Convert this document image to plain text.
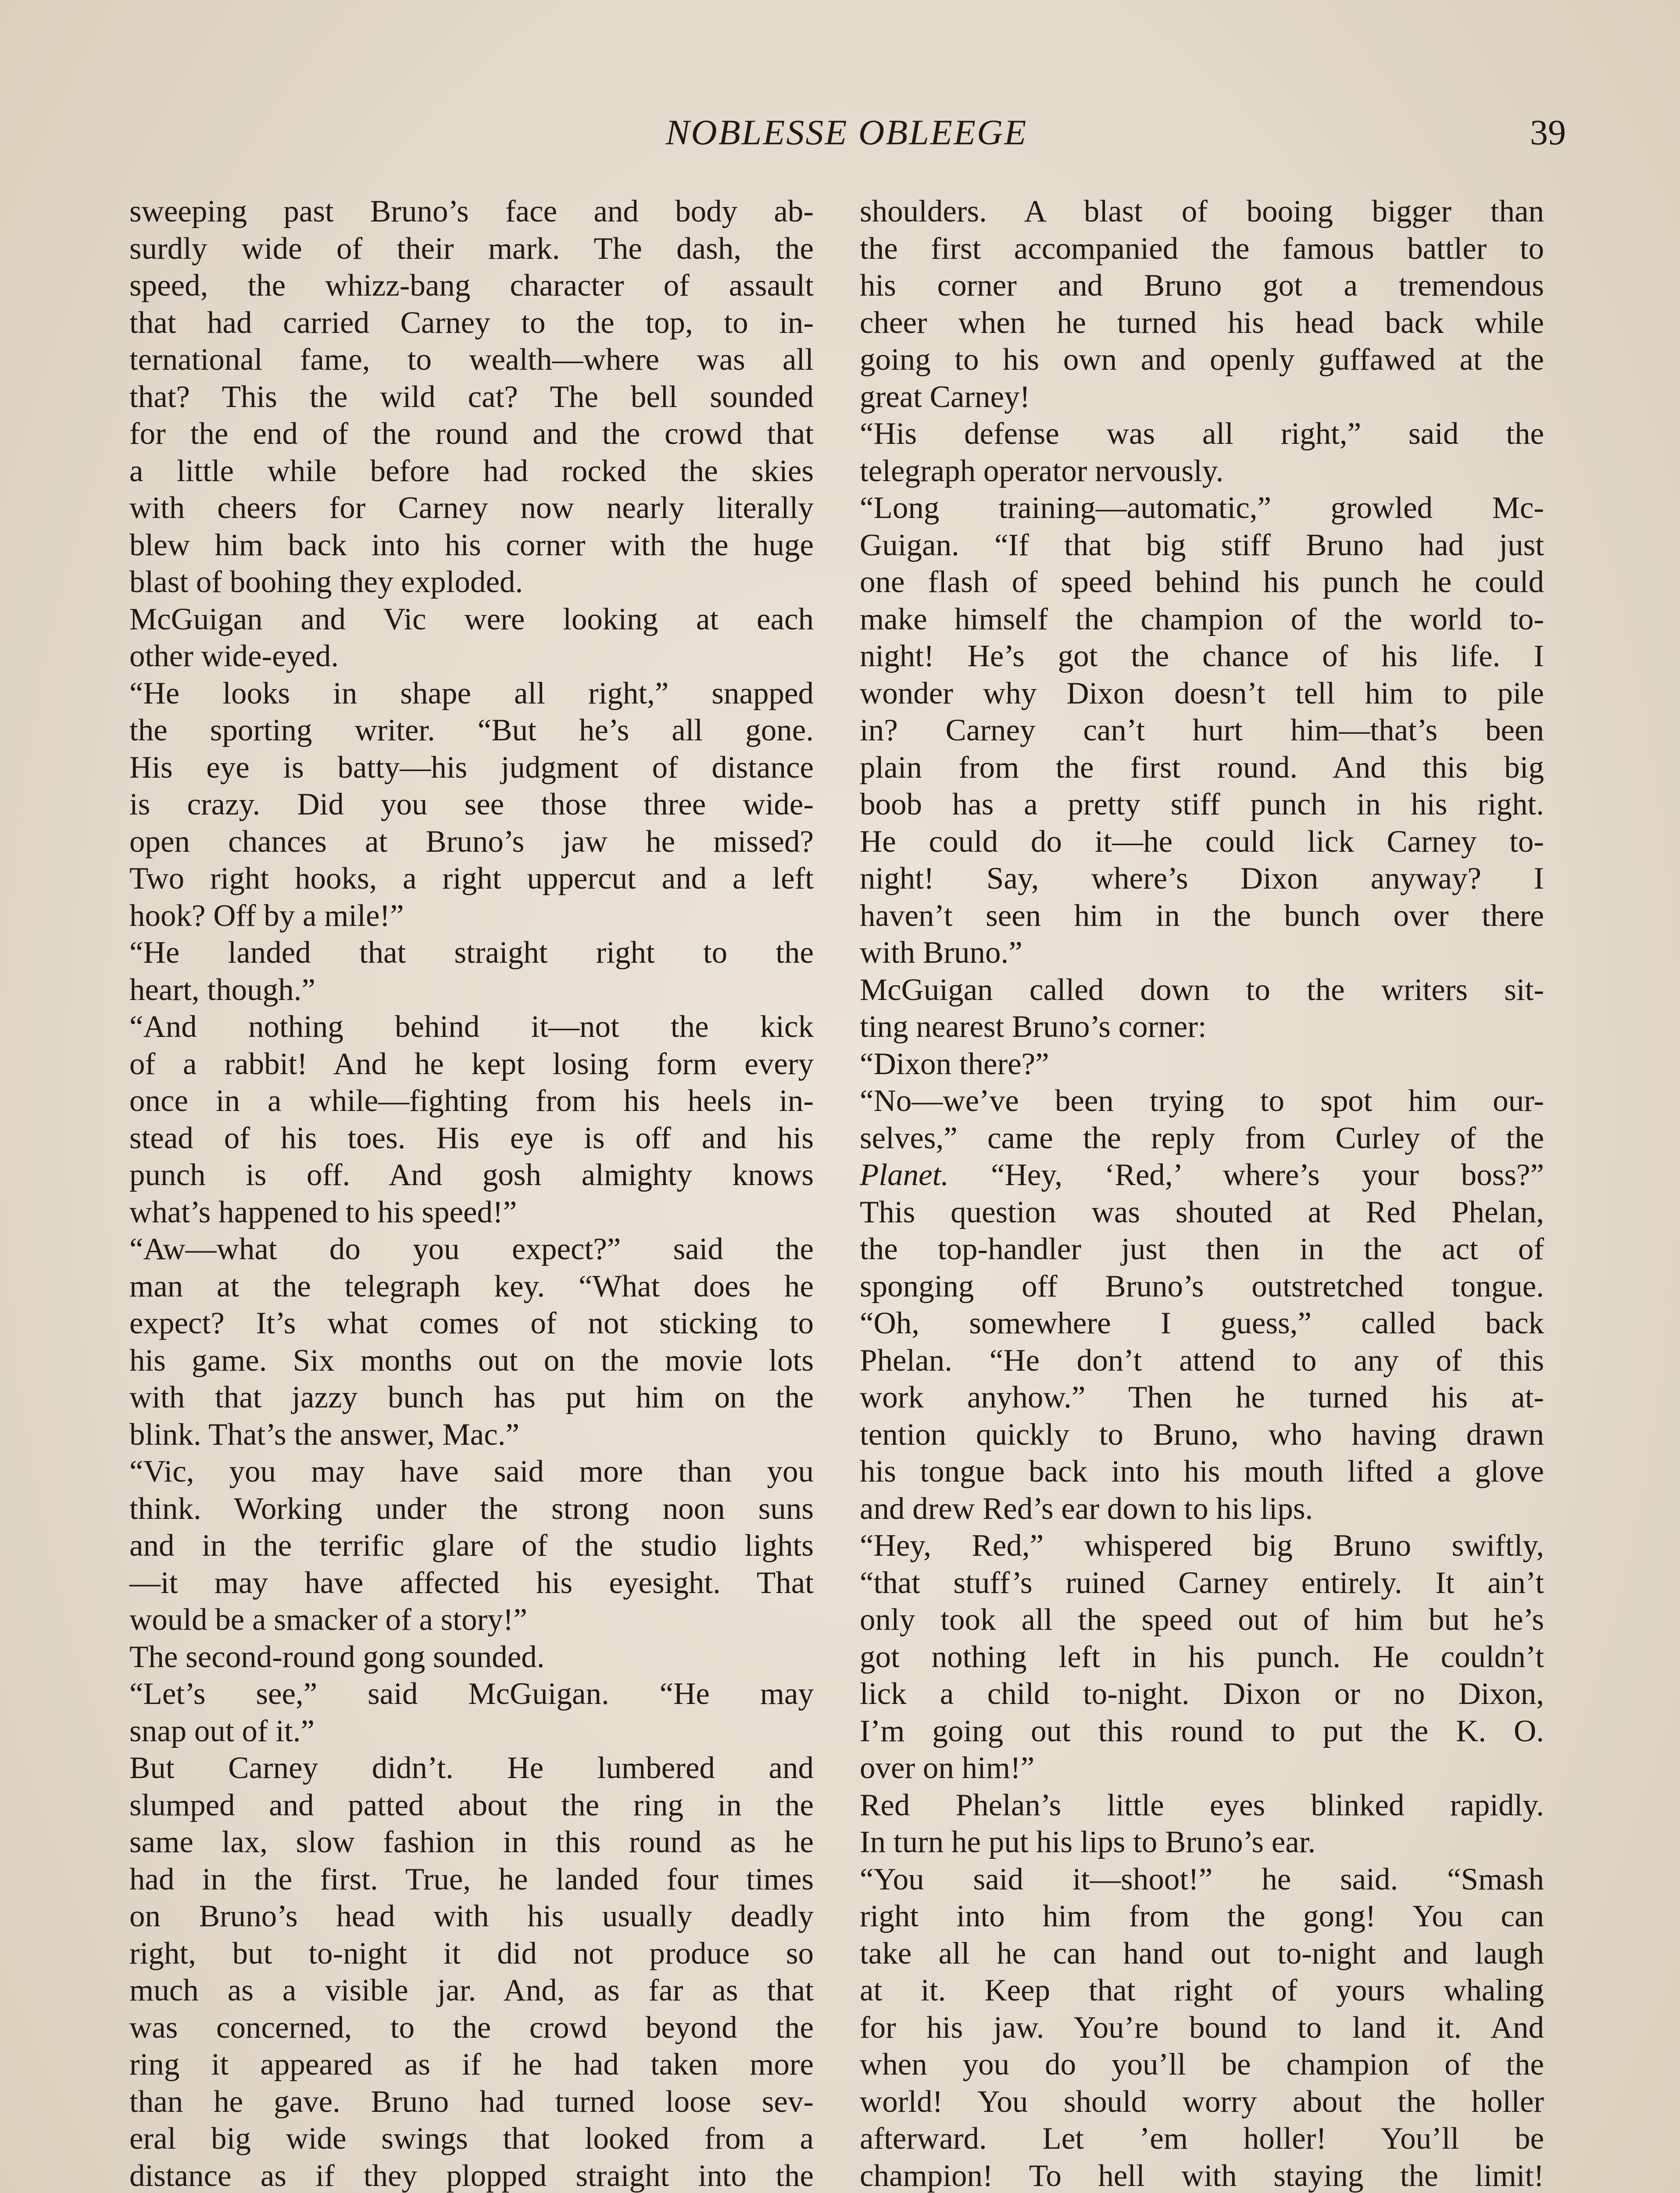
NOBLESSE OBLEEGE	39
sweeping past Bruno’s face and body ab-
surdly wide of their mark. The dash, the
speed, the whizz-bang character of assault
that had carried Carney to the top, to in-
ternational fame, to wealth—where was all
that? This the wild cat? The bell sounded
for the end of the round and the crowd that
a little while before had rocked the skies
with cheers for Carney now nearly literally
blew him back into his corner with the huge
blast of boohing they exploded.
McGuigan and Vic were looking at each
other wide-eyed.
“He looks in shape all right,” snapped
the sporting writer. “But he’s all gone.
His eye is batty—his judgment of distance
is crazy. Did you see those three wide-
open chances at Bruno’s jaw he missed?
Two right hooks, a right uppercut and a left
hook? Off by a mile!”
“He landed that straight right to the
heart, though.”
“And nothing behind it—not the kick
of a rabbit! And he kept losing form every
once in a while—fighting from his heels in-
stead of his toes. His eye is off and his
punch is off. And gosh almighty knows
what’s happened to his speed!”
“Aw—what do you expect?” said the
man at the telegraph key. “What does he
expect? It’s what comes of not sticking to
his game. Six months out on the movie lots
with that jazzy bunch has put him on the
blink. That’s the answer, Mac.”
“Vic, you may have said more than you
think. Working under the strong noon suns
and in the terrific glare of the studio lights
—it may have affected his eyesight. That
would be a smacker of a story!”
The second-round gong sounded.
“Let’s see,” said McGuigan. “He may
snap out of it.”
But Carney didn’t. He lumbered and
slumped and patted about the ring in the
same lax, slow fashion in this round as he
had in the first. True, he landed four times
on Bruno’s head with his usually deadly
right, but to-night it did not produce so
much as a visible jar. And, as far as that
was concerned, to the crowd beyond the
ring it appeared as if he had taken more
than he gave. Bruno had turned loose sev-
eral big wide swings that looked from a
distance as if they plopped straight into the
shoulders. A blast of booing bigger than
the first accompanied the famous battler to
his corner and Bruno got a tremendous
cheer when he turned his head back while
going to his own and openly guffawed at the
great Carney!
“His defense was all right,” said the
telegraph operator nervously.
“Long training—automatic,” growled Mc-
Guigan. “If that big stiff Bruno had just
one flash of speed behind his punch he could
make himself the champion of the world to-
night! He’s got the chance of his life. I
wonder why Dixon doesn’t tell him to pile
in? Carney can’t hurt him—that’s been
plain from the first round. And this big
boob has a pretty stiff punch in his right.
He could do it—he could lick Carney to-
night! Say, where’s Dixon anyway? I
haven’t seen him in the bunch over there
with Bruno.”
McGuigan called down to the writers sit-
ting nearest Bruno’s corner:
“Dixon there?”
“No—we’ve been trying to spot him our-
selves,” came the reply from Curley of the
Planet. “Hey, ‘Red,’ where’s your boss?”
This question was shouted at Red Phelan,
the top-handler just then in the act of
sponging off Bruno’s outstretched tongue.
“Oh, somewhere I guess,” called back
Phelan. “He don’t attend to any of this
work anyhow.” Then he turned his at-
tention quickly to Bruno, who having drawn
his tongue back into his mouth lifted a glove
and drew Red’s ear down to his lips.
“Hey, Red,” whispered big Bruno swiftly,
“that stuff’s ruined Carney entirely. It ain’t
only took all the speed out of him but he’s
got nothing left in his punch. He couldn’t
lick a child to-night. Dixon or no Dixon,
I’m going out this round to put the K. O.
over on him!”
Red Phelan’s little eyes blinked rapidly.
In turn he put his lips to Bruno’s ear.
“You said it—shoot!” he said. “Smash
right into him from the gong! You can
take all he can hand out to-night and laugh
at it. Keep that right of yours whaling
for his jaw. You’re bound to land it. And
when you do you’ll be champion of the
world! You should worry about the holler
afterward. Let ’em holler! You’ll be
champion! To hell with staying the limit!
